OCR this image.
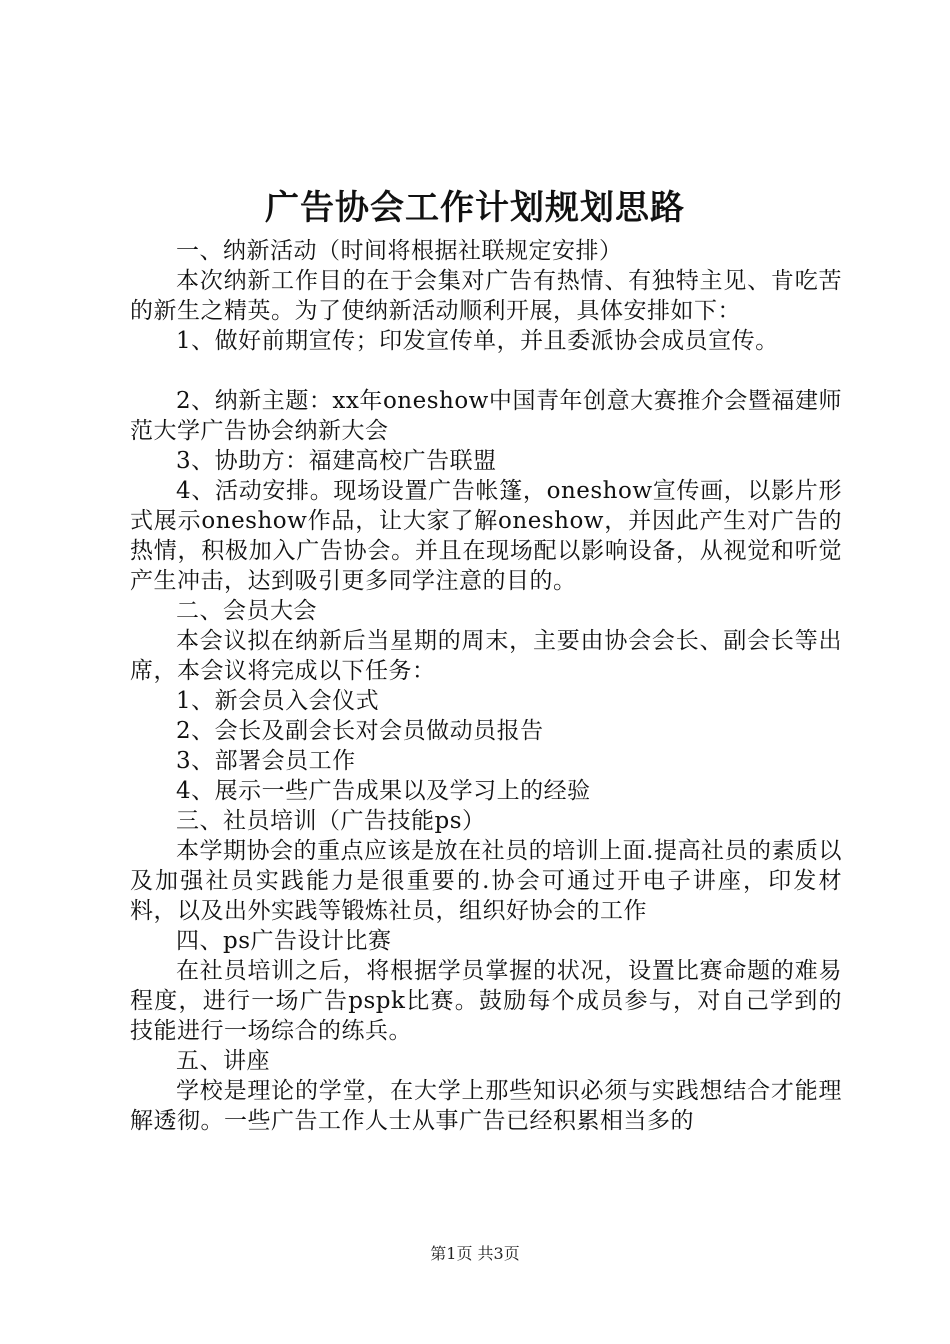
广告协会工作计划规划思路

一、纳新活动（时间将根据社联规定安排）

本次纳新工作目的在于会集对广告有热情、有独特主见、肯吃苦的新生之精英。为了使纳新活动顺利开展，具体安排如下：

1、做好前期宣传；印发宣传单，并且委派协会成员宣传。

2、纳新主题：xx年oneshow中国青年创意大赛推介会暨福建师范大学广告协会纳新大会

3、协助方：福建高校广告联盟

4、活动安排。现场设置广告帐篷，oneshow宣传画，以影片形式展示oneshow作品，让大家了解oneshow，并因此产生对广告的热情，积极加入广告协会。并且在现场配以影响设备，从视觉和听觉产生冲击，达到吸引更多同学注意的目的。

二、会员大会

本会议拟在纳新后当星期的周末，主要由协会会长、副会长等出席，本会议将完成以下任务：

1、新会员入会仪式

2、会长及副会长对会员做动员报告

3、部署会员工作

4、展示一些广告成果以及学习上的经验

三、社员培训（广告技能ps）

本学期协会的重点应该是放在社员的培训上面.提高社员的素质以及加强社员实践能力是很重要的.协会可通过开电子讲座，印发材料，以及出外实践等锻炼社员，组织好协会的工作

四、ps广告设计比赛

在社员培训之后，将根据学员掌握的状况，设置比赛命题的难易程度，进行一场广告pspk比赛。鼓励每个成员参与，对自己学到的技能进行一场综合的练兵。

五、讲座

学校是理论的学堂，在大学上那些知识必须与实践想结合才能理解透彻。一些广告工作人士从事广告已经积累相当多的

第1页 共3页
